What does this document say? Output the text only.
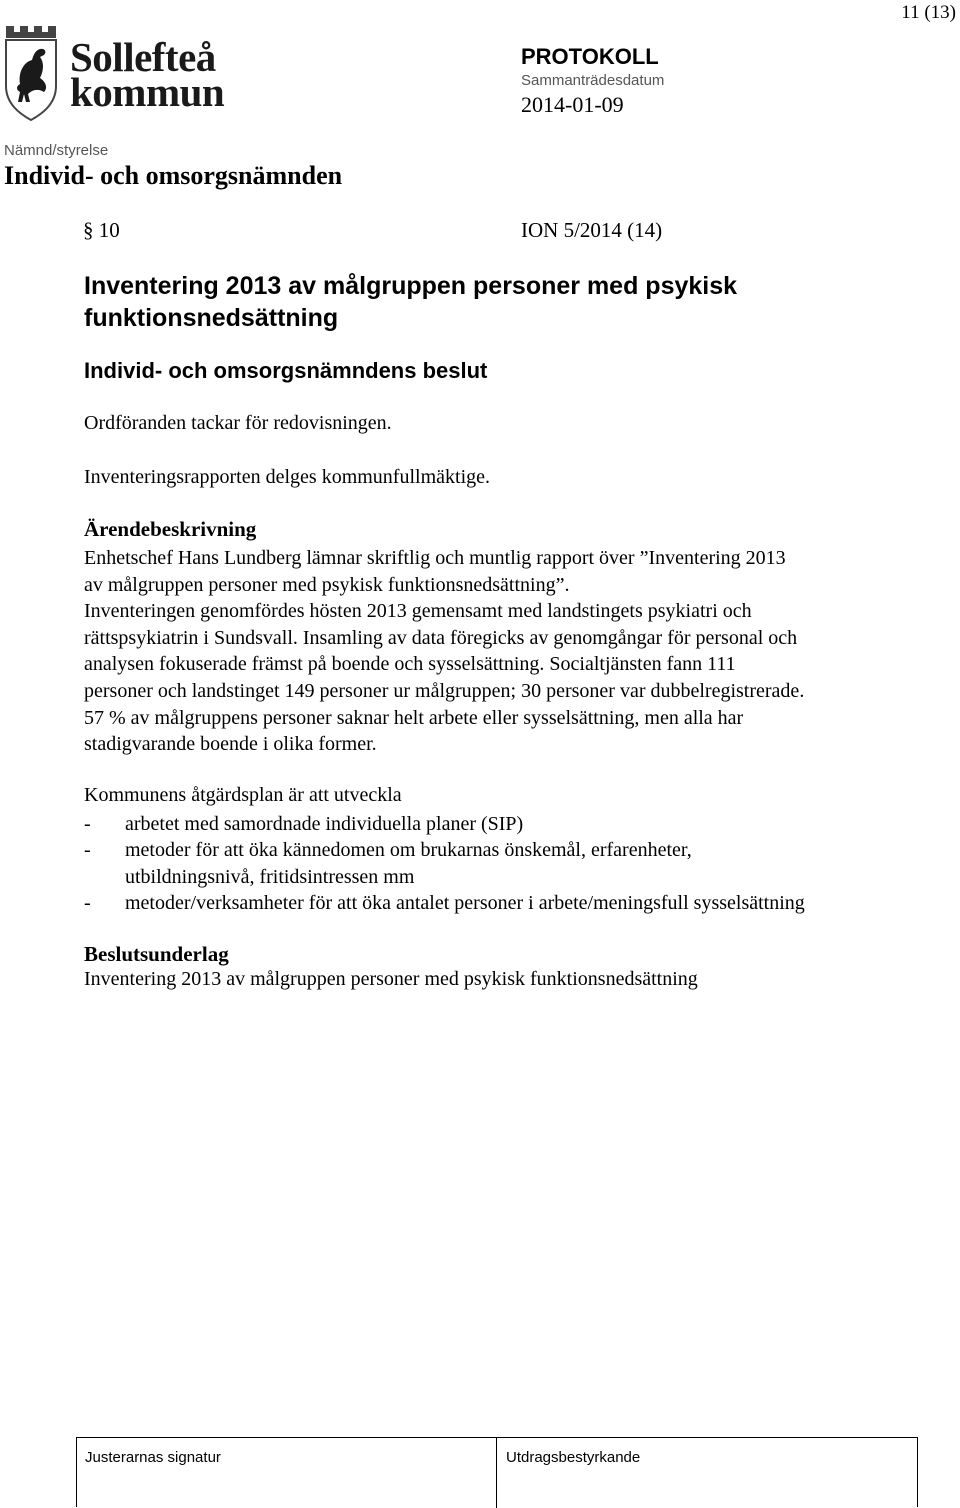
11 (13)
Sollefteå
kommun
PROTOKOLL
Sammanträdesdatum
2014-01-09
Nämnd/styrelse
Individ- och omsorgsnämnden
§ 10	ION 5/2014 (14)
Inventering 2013 av målgruppen personer med psykisk funktionsnedsättning
Individ- och omsorgsnämndens beslut
Ordföranden tackar för redovisningen.
Inventeringsrapporten delges kommunfullmäktige.
Ärendebeskrivning

Enhetschef Hans Lundberg lämnar skriftlig och muntlig rapport över ”Inventering 2013
av målgruppen personer med psykisk funktionsnedsättning”.
Inventeringen genomfördes hösten 2013 gemensamt med landstingets psykiatri och
rättspsykiatrin i Sundsvall. Insamling av data föregicks av genomgångar för personal och
analysen fokuserade främst på boende och sysselsättning. Socialtjänsten fann 111
personer och landstinget 149 personer ur målgruppen; 30 personer var dubbelregistrerade.
57 % av målgruppens personer saknar helt arbete eller sysselsättning, men alla har
stadigvarande boende i olika former.

Kommunens åtgärdsplan är att utveckla
- arbetet med samordnade individuella planer (SIP)
- metoder för att öka kännedomen om brukarnas önskemål, erfarenheter,
utbildningsnivå, fritidsintressen mm
- metoder/verksamheter för att öka antalet personer i arbete/meningsfull sysselsättning
Beslutsunderlag
Inventering 2013 av målgruppen personer med psykisk funktionsnedsättning
Justerarnas signatur	Utdragsbestyrkande
